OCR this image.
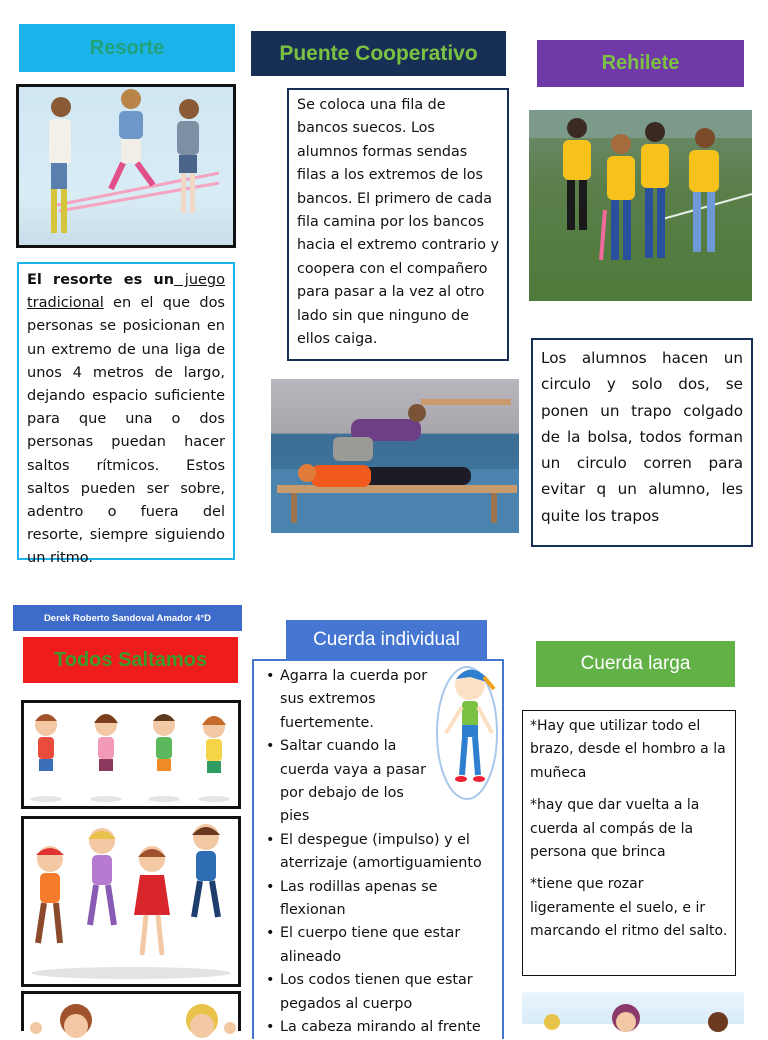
Resorte

El resorte es un juego tradicional en el que dos personas se posicionan en un extremo de una liga de unos 4 metros de largo, dejando espacio suficiente para que una o dos personas puedan hacer saltos rítmicos. Estos saltos pueden ser sobre, adentro o fuera del resorte, siempre siguiendo un ritmo.

Puente Cooperativo

Se coloca una fila de bancos suecos. Los alumnos formas sendas filas a los extremos de los bancos. El primero de cada fila camina por los bancos hacia el extremo contrario y coopera con el compañero para pasar a la vez al otro lado sin que ninguno de ellos caiga.

Rehilete

Los alumnos hacen un circulo y solo dos, se ponen un trapo colgado de la bolsa, todos forman un circulo corren para evitar q un alumno, les quite los trapos

Derek Roberto Sandoval Amador 4°D
Todos Saltamos
Cuerda individual
• Agarra la cuerda por sus extremos fuertemente.
• Saltar cuando la cuerda vaya a pasar por debajo de los pies
• El despegue (impulso) y el aterrizaje (amortiguamiento
• Las rodillas apenas se flexionan
• El cuerpo tiene que estar alineado
• Los codos tienen que estar pegados al cuerpo
• La cabeza mirando al frente
Cuerda larga

*Hay que utilizar todo el brazo, desde el hombro a la muñeca

*hay que dar vuelta a la cuerda al compás de la persona que brinca

*tiene que rozar ligeramente el suelo, e ir marcando el ritmo del salto.
